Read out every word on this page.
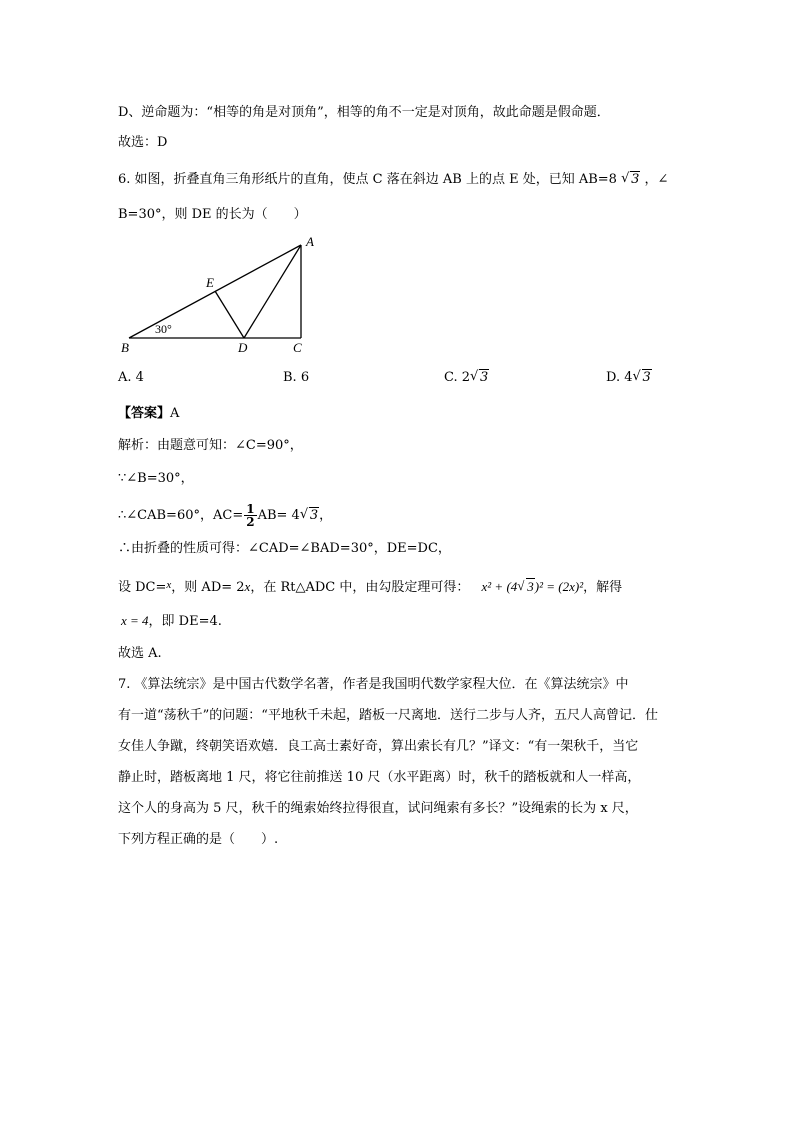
D、逆命题为：“相等的角是对顶角”，相等的角不一定是对顶角，故此命题是假命题．
故选：D
6. 如图，折叠直角三角形纸片的直角，使点 C 落在斜边 AB 上的点 E 处，已知 AB=8 √ 3 ，∠
B=30°，则 DE 的长为（　　）
A
B	C
D
E
30°
A. 4	B. 6	C. 2√ 3	D. 4√ 3
【答案】A
解析：由题意可知：∠C=90°，
∵∠B=30°，
∴∠CAB=60°，$AC= \frac{1}{2} AB= 4√$ 3，
∴由折叠的性质可得：∠CAD=∠BAD=30°，DE=DC，
设 DC=$^x$，则 AD= 2x，在 Rt△ADC 中，由勾股定理可得： x² + (4√ 3)² = (2x)²，解得
x = 4，即 DE=4.
故选 A.
7. 《算法统宗》是中国古代数学名著，作者是我国明代数学家程大位．在《算法统宗》中
有一道“荡秋千”的问题：“平地秋千未起，踏板一尺离地．送行二步与人齐，五尺人高曾记．仕
女佳人争蹴，终朝笑语欢嬉．良工高士素好奇，算出索长有几？”译文：“有一架秋千，当它
静止时，踏板离地 1 尺，将它往前推送 10 尺（水平距离）时，秋千的踏板就和人一样高，
这个人的身高为 5 尺，秋千的绳索始终拉得很直，试问绳索有多长？”设绳索的长为 x 尺，
下列方程正确的是（　　）.
